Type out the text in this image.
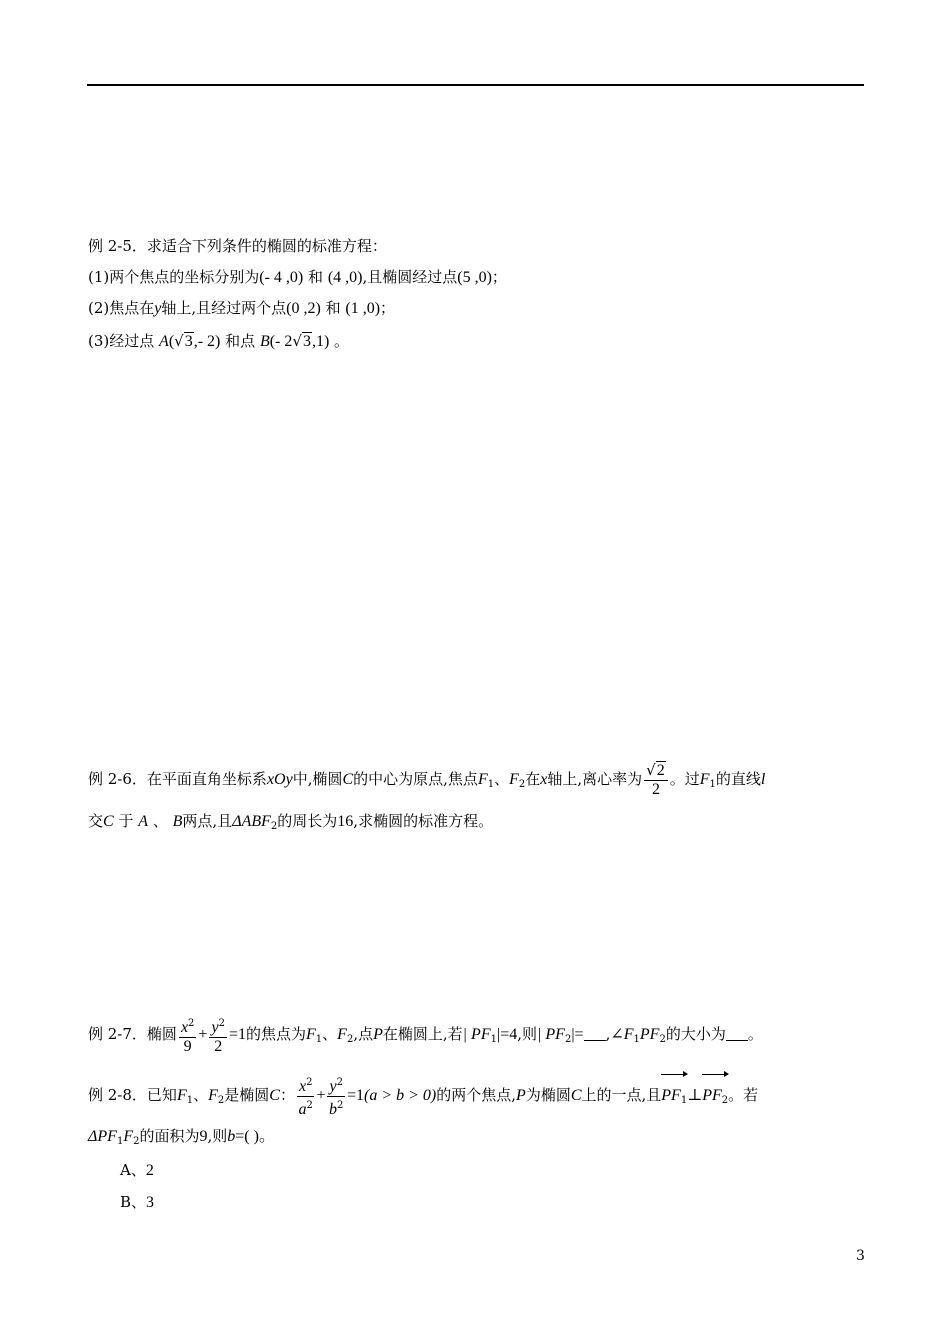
例 2-5．求适合下列条件的椭圆的标准方程：
(1)两个焦点的坐标分别为(- 4 ,0) 和 (4 ,0),且椭圆经过点(5 ,0)；
(2)焦点在y轴上,且经过两个点(0 ,2) 和 (1 ,0)；
(3)经过点 A(√3,- 2) 和点 B(- 2√3,1) 。
例 2-6．在平面直角坐标系xOy中,椭圆C的中心为原点,焦点$F_1$、$F_2$在x轴上,离心率为 $\frac{√2}{2}$ 。过$F_1$的直线l
交C 于 A 、 B两点,且$\Delta ABF_2$的周长为16,求椭圆的标准方程。
例 2-7．椭圆 $\frac{x^2}{9} + \frac{y^2}{2} =1$的焦点为$F_1$、$F_2$,点P在椭圆上,若| $PF_1|=4$,则| $PF_2|=$ $,\angle F_1PF_2$的大小为 。
例 2-8．已知$F_1$、$F_2$是椭圆C： $\frac{x^2}{a^2} + \frac{y^2}{b^2} =1(a > b > 0)$的两个焦点,P为椭圆C上的一点,且$PF_1\perp PF_2$。若
$\Delta PF_1F_2$的面积为9,则b=( )。
A、2
B、3
3
